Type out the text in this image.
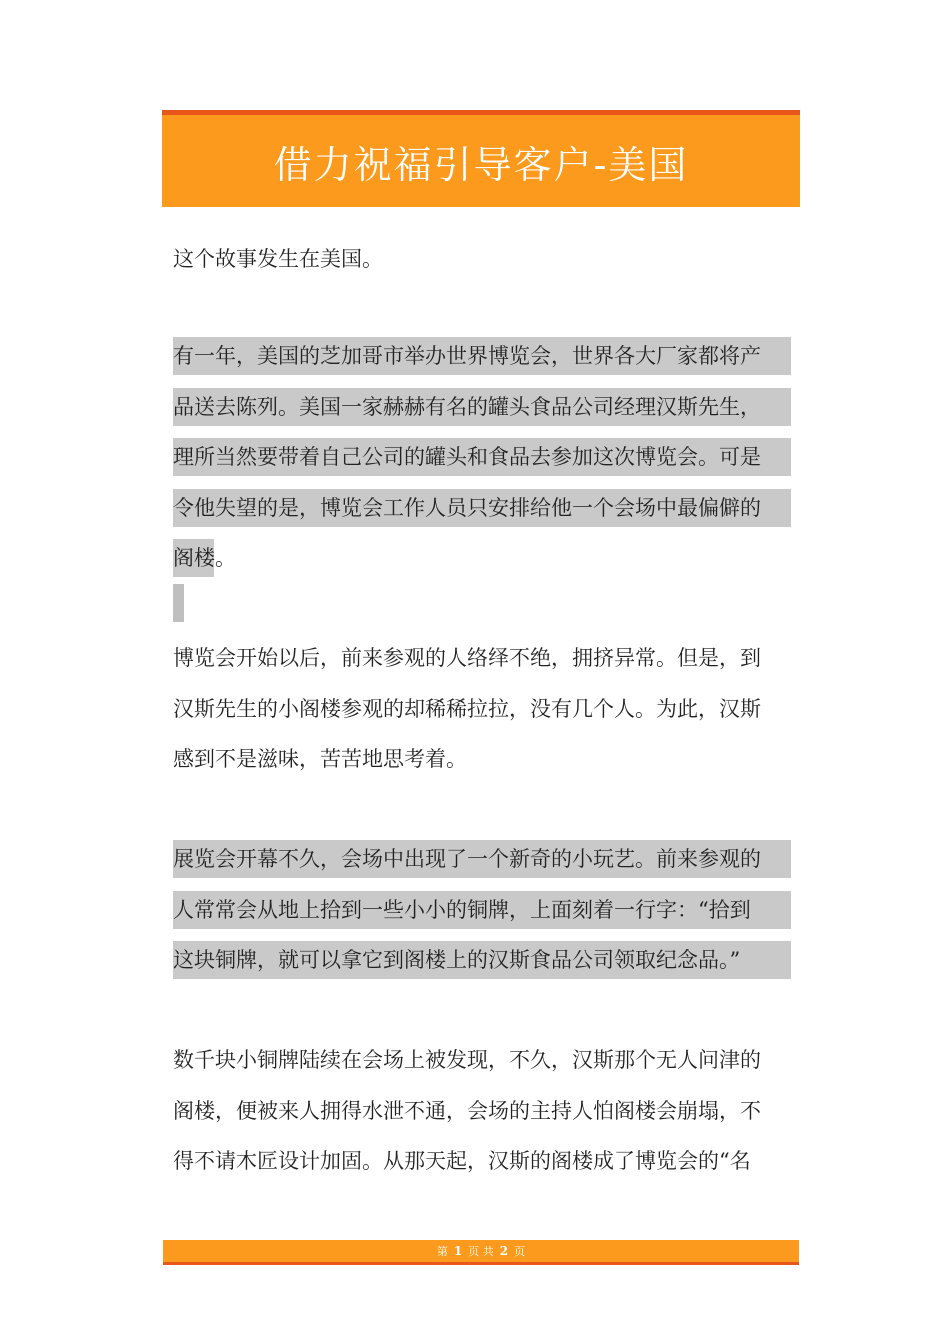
借力祝福引导客户-美国
这个故事发生在美国。
有一年，美国的芝加哥市举办世界博览会，世界各大厂家都将产
品送去陈列。美国一家赫赫有名的罐头食品公司经理汉斯先生，
理所当然要带着自己公司的罐头和食品去参加这次博览会。可是
令他失望的是，博览会工作人员只安排给他一个会场中最偏僻的
阁楼。
博览会开始以后，前来参观的人络绎不绝，拥挤异常。但是，到
汉斯先生的小阁楼参观的却稀稀拉拉，没有几个人。为此，汉斯
感到不是滋味，苦苦地思考着。
展览会开幕不久，会场中出现了一个新奇的小玩艺。前来参观的
人常常会从地上拾到一些小小的铜牌，上面刻着一行字：“拾到
这块铜牌，就可以拿它到阁楼上的汉斯食品公司领取纪念品。”
数千块小铜牌陆续在会场上被发现，不久，汉斯那个无人问津的
阁楼，便被来人拥得水泄不通，会场的主持人怕阁楼会崩塌，不
得不请木匠设计加固。从那天起，汉斯的阁楼成了博览会的“名
第 1 页 共 2 页
